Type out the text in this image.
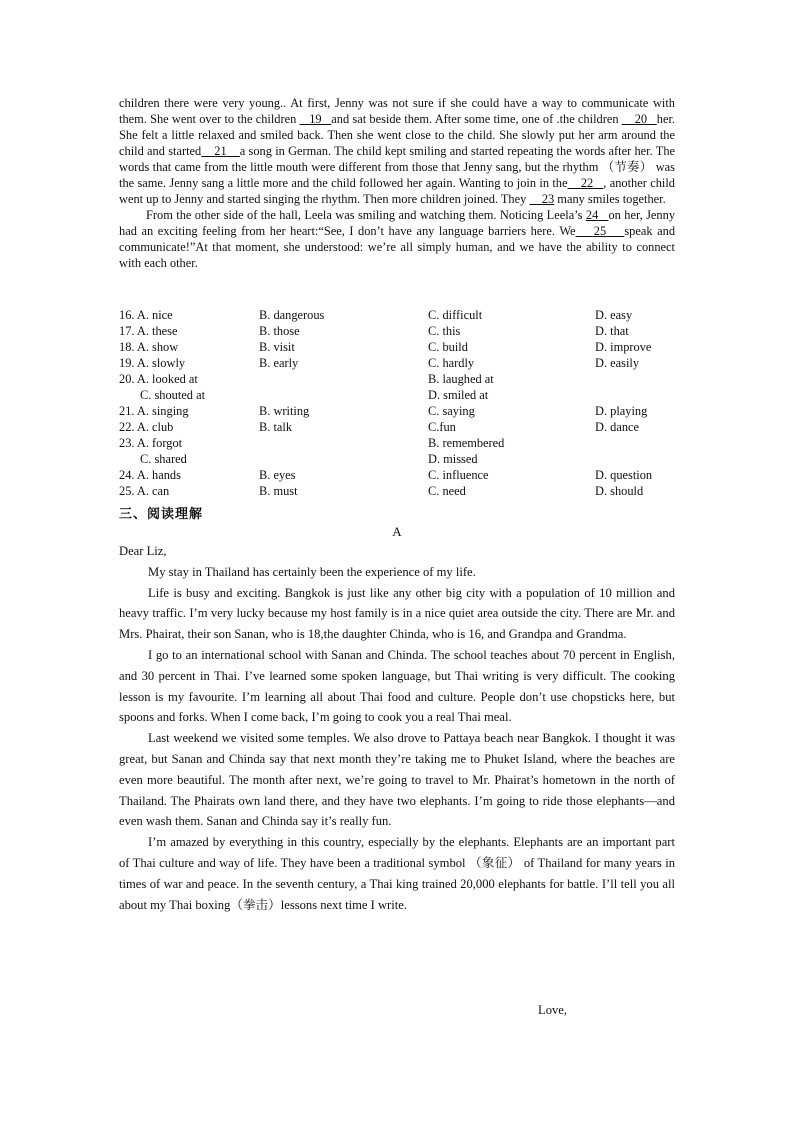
children there were very young.. At first, Jenny was not sure if she could have a way to communicate with them. She went over to the children    19 and sat beside them. After some time, one of .the children     20 her. She felt a little relaxed and smiled back. Then she went close to the child. She slowly put her arm around the child and started 21 a song in German. The child kept smiling and started repeating the words after her. The words that came from the little mouth were different from those that Jenny sang, but the rhythm （节奏） was the same. Jenny sang a little more and the child followed her again. Wanting to join in the 22 , another child went up to Jenny and started singing the rhythm. Then more children joined. They     23 many smiles together.

From the other side of the hall, Leela was smiling and watching them. Noticing Leela’s 24 on her, Jenny had an exciting feeling from her heart:“See, I don’t have any language barriers here. We 25 speak and communicate!”At that moment, she understood: we’re all simply human, and we have the ability to connect with each other.

16. A. nice	B. dangerous	C. difficult	D. easy
17. A. these	B. those	C. this	D. that
18. A. show	B. visit	C. build	D. improve
19. A. slowly	B. early	C. hardly	D. easily
20. A. looked at	B. laughed at
C. shouted at	D. smiled at
21. A. singing	B. writing	C. saying	D. playing
22. A. club	B. talk	C.fun	D. dance
23. A. forgot	B. remembered
C. shared	D. missed
24. A. hands	B. eyes	C. influence	D. question
25. A. can	B. must	C. need	D. should
三、阅读理解
A

Dear Liz,

My stay in Thailand has certainly been the experience of my life.

Life is busy and exciting. Bangkok is just like any other big city with a population of 10 million and heavy traffic. I’m very lucky because my host family is in a nice quiet area outside the city. There are Mr. and Mrs. Phairat, their son Sanan, who is 18,the daughter Chinda, who is 16, and Grandpa and Grandma.

I go to an international school with Sanan and Chinda. The school teaches about 70 percent in English, and 30 percent in Thai. I’ve learned some spoken language, but Thai writing is very difficult. The cooking lesson is my favourite. I’m learning all about Thai food and culture. People don’t use chopsticks here, but spoons and forks. When I come back, I’m going to cook you a real Thai meal.

Last weekend we visited some temples. We also drove to Pattaya beach near Bangkok. I thought it was great, but Sanan and Chinda say that next month they’re taking me to Phuket Island, where the beaches are even more beautiful. The month after next, we’re going to travel to Mr. Phairat’s hometown in the north of Thailand. The Phairats own land there, and they have two elephants. I’m going to ride those elephants—and even wash them. Sanan and Chinda say it’s really fun.

I’m amazed by everything in this country, especially by the elephants. Elephants are an important part of Thai culture and way of life. They have been a traditional symbol （象征） of Thailand for many years in times of war and peace. In the seventh century, a Thai king trained 20,000 elephants for battle. I’ll tell you all about my Thai boxing（拳击）lessons next time I write.

Love,
